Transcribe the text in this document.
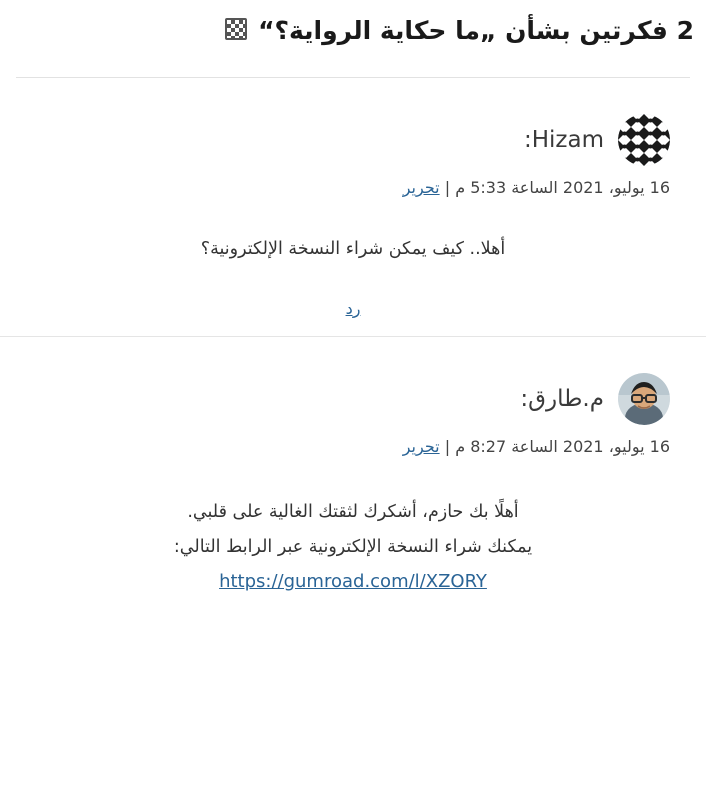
2 فكرتين بشأن „ما حكاية الرواية؟“
Hizam:
16 يوليو، 2021 الساعة 5:33 م | تحرير

أهلا.. كيف يمكن شراء النسخة الإلكترونية؟

رد
م.طارق:
16 يوليو، 2021 الساعة 8:27 م | تحرير

أهلًا بك حازم، أشكرك لثقتك الغالية على قلبي.

يمكنك شراء النسخة الإلكترونية عبر الرابط التالي:

https://gumroad.com/l/XZORY
